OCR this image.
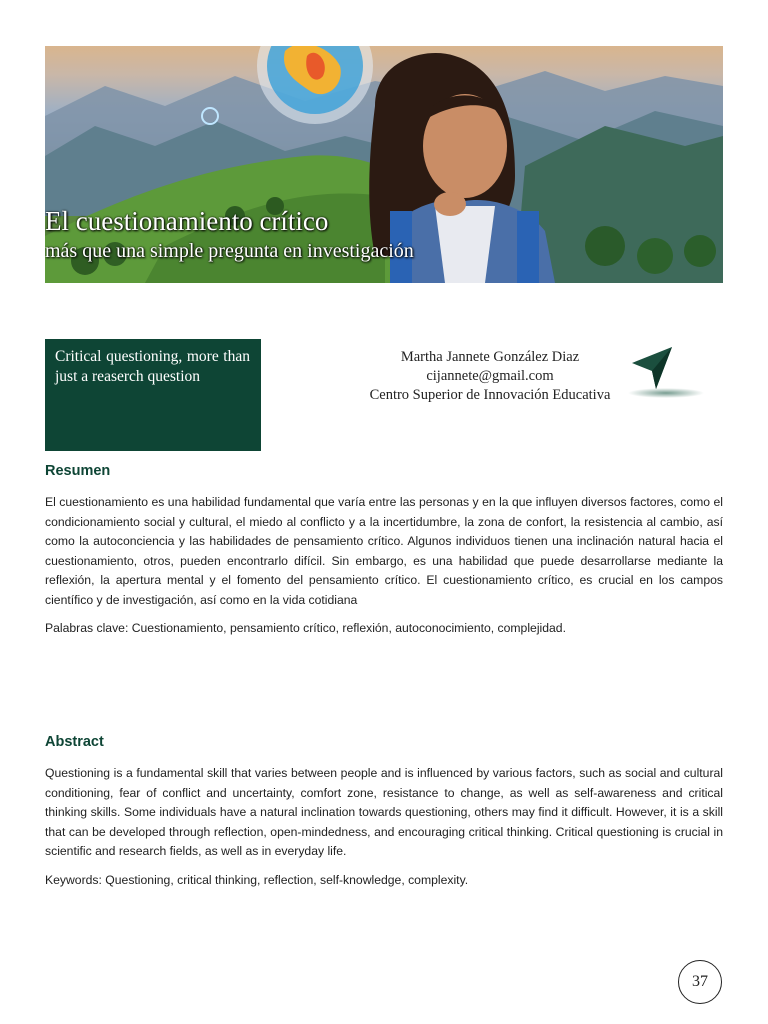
El cuestionamiento crítico
más que una simple pregunta en investigación
Critical questioning, more than just a reaserch question
Martha Jannete González Diaz
cijannete@gmail.com
Centro Superior de Innovación Educativa
Resumen
El cuestionamiento es una habilidad fundamental que varía entre las personas y en la que influyen diversos factores, como el condicionamiento social y cultural, el miedo al conflicto y a la incertidumbre, la zona de confort, la resistencia al cambio, así como la autoconciencia y las habilidades de pensamiento crítico. Algunos individuos tienen una inclinación natural hacia el cuestionamiento, otros, pueden encontrarlo difícil. Sin embargo, es una habilidad que puede desarrollarse mediante la reflexión, la apertura mental y el fomento del pensamiento crítico. El cuestionamiento crítico, es crucial en los campos científico y de investigación, así como en la vida cotidiana
Palabras clave: Cuestionamiento, pensamiento crítico, reflexión, autoconocimiento, complejidad.
Abstract
Questioning is a fundamental skill that varies between people and is influenced by various factors, such as social and cultural conditioning, fear of conflict and uncertainty, comfort zone, resistance to change, as well as self-awareness and critical thinking skills. Some individuals have a natural inclination towards questioning, others may find it difficult. However, it is a skill that can be developed through reflection, open-mindedness, and encouraging critical thinking. Critical questioning is crucial in scientific and research fields, as well as in everyday life.
Keywords: Questioning, critical thinking, reflection, self-knowledge, complexity.
37
